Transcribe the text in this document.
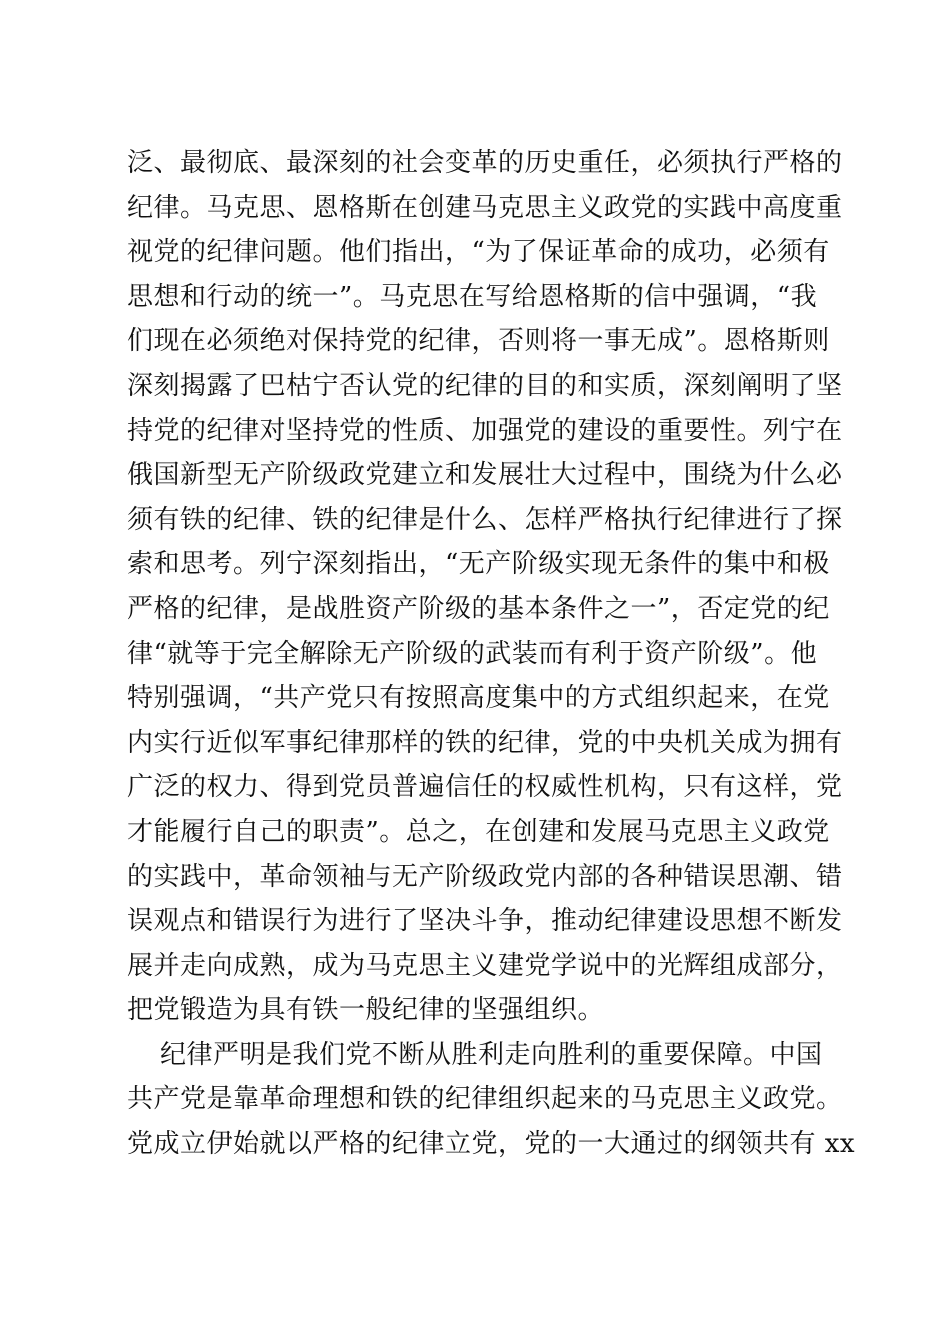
泛、最彻底、最深刻的社会变革的历史重任，必须执行严格的
纪律。马克思、恩格斯在创建马克思主义政党的实践中高度重
视党的纪律问题。他们指出，“为了保证革命的成功，必须有
思想和行动的统一”。马克思在写给恩格斯的信中强调，“我
们现在必须绝对保持党的纪律，否则将一事无成”。恩格斯则
深刻揭露了巴枯宁否认党的纪律的目的和实质，深刻阐明了坚
持党的纪律对坚持党的性质、加强党的建设的重要性。列宁在
俄国新型无产阶级政党建立和发展壮大过程中，围绕为什么必
须有铁的纪律、铁的纪律是什么、怎样严格执行纪律进行了探
索和思考。列宁深刻指出，“无产阶级实现无条件的集中和极
严格的纪律，是战胜资产阶级的基本条件之一”，否定党的纪
律“就等于完全解除无产阶级的武装而有利于资产阶级”。他
特别强调，“共产党只有按照高度集中的方式组织起来，在党
内实行近似军事纪律那样的铁的纪律，党的中央机关成为拥有
广泛的权力、得到党员普遍信任的权威性机构，只有这样，党
才能履行自己的职责”。总之，在创建和发展马克思主义政党
的实践中，革命领袖与无产阶级政党内部的各种错误思潮、错
误观点和错误行为进行了坚决斗争，推动纪律建设思想不断发
展并走向成熟，成为马克思主义建党学说中的光辉组成部分，
把党锻造为具有铁一般纪律的坚强组织。
纪律严明是我们党不断从胜利走向胜利的重要保障。中国
共产党是靠革命理想和铁的纪律组织起来的马克思主义政党。
党成立伊始就以严格的纪律立党，党的一大通过的纲领共有 xx
